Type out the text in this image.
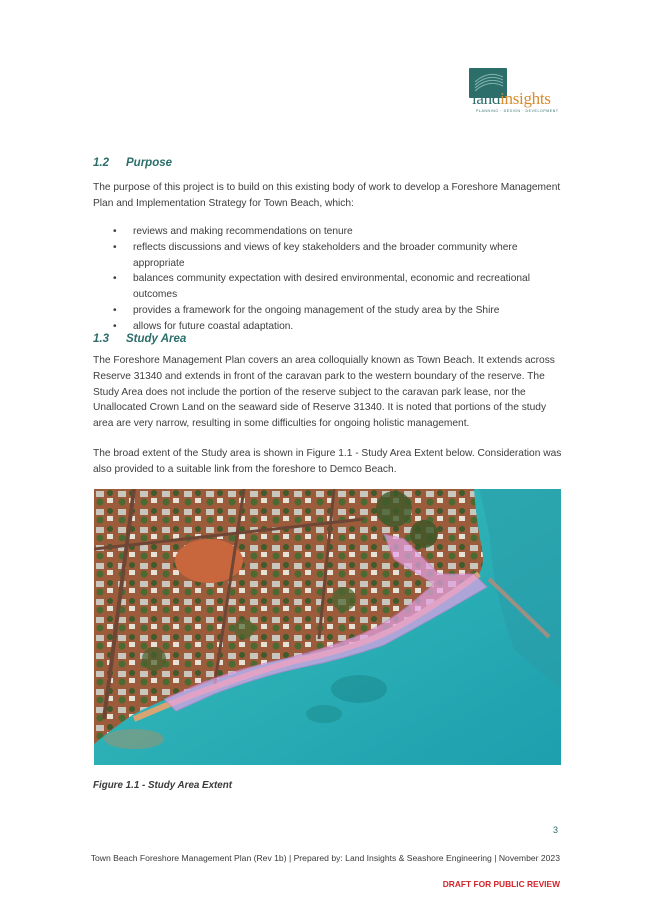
landinsights
PLANNING · DESIGN · DEVELOPMENT
1.2 Purpose
The purpose of this project is to build on this existing body of work to develop a Foreshore Management Plan and Implementation Strategy for Town Beach, which:
• reviews and making recommendations on tenure
• reflects discussions and views of key stakeholders and the broader community where appropriate
• balances community expectation with desired environmental, economic and recreational outcomes
• provides a framework for the ongoing management of the study area by the Shire
• allows for future coastal adaptation.
1.3 Study Area
The Foreshore Management Plan covers an area colloquially known as Town Beach. It extends across Reserve 31340 and extends in front of the caravan park to the western boundary of the reserve. The Study Area does not include the portion of the reserve subject to the caravan park lease, nor the Unallocated Crown Land on the seaward side of Reserve 31340. It is noted that portions of the study area are very narrow, resulting in some difficulties for ongoing holistic management.
The broad extent of the Study area is shown in Figure 1.1 - Study Area Extent below. Consideration was also provided to a suitable link from the foreshore to Demco Beach.
Figure 1.1 - Study Area Extent
3
Town Beach Foreshore Management Plan (Rev 1b) | Prepared by: Land Insights & Seashore Engineering | November 2023
DRAFT FOR PUBLIC REVIEW
